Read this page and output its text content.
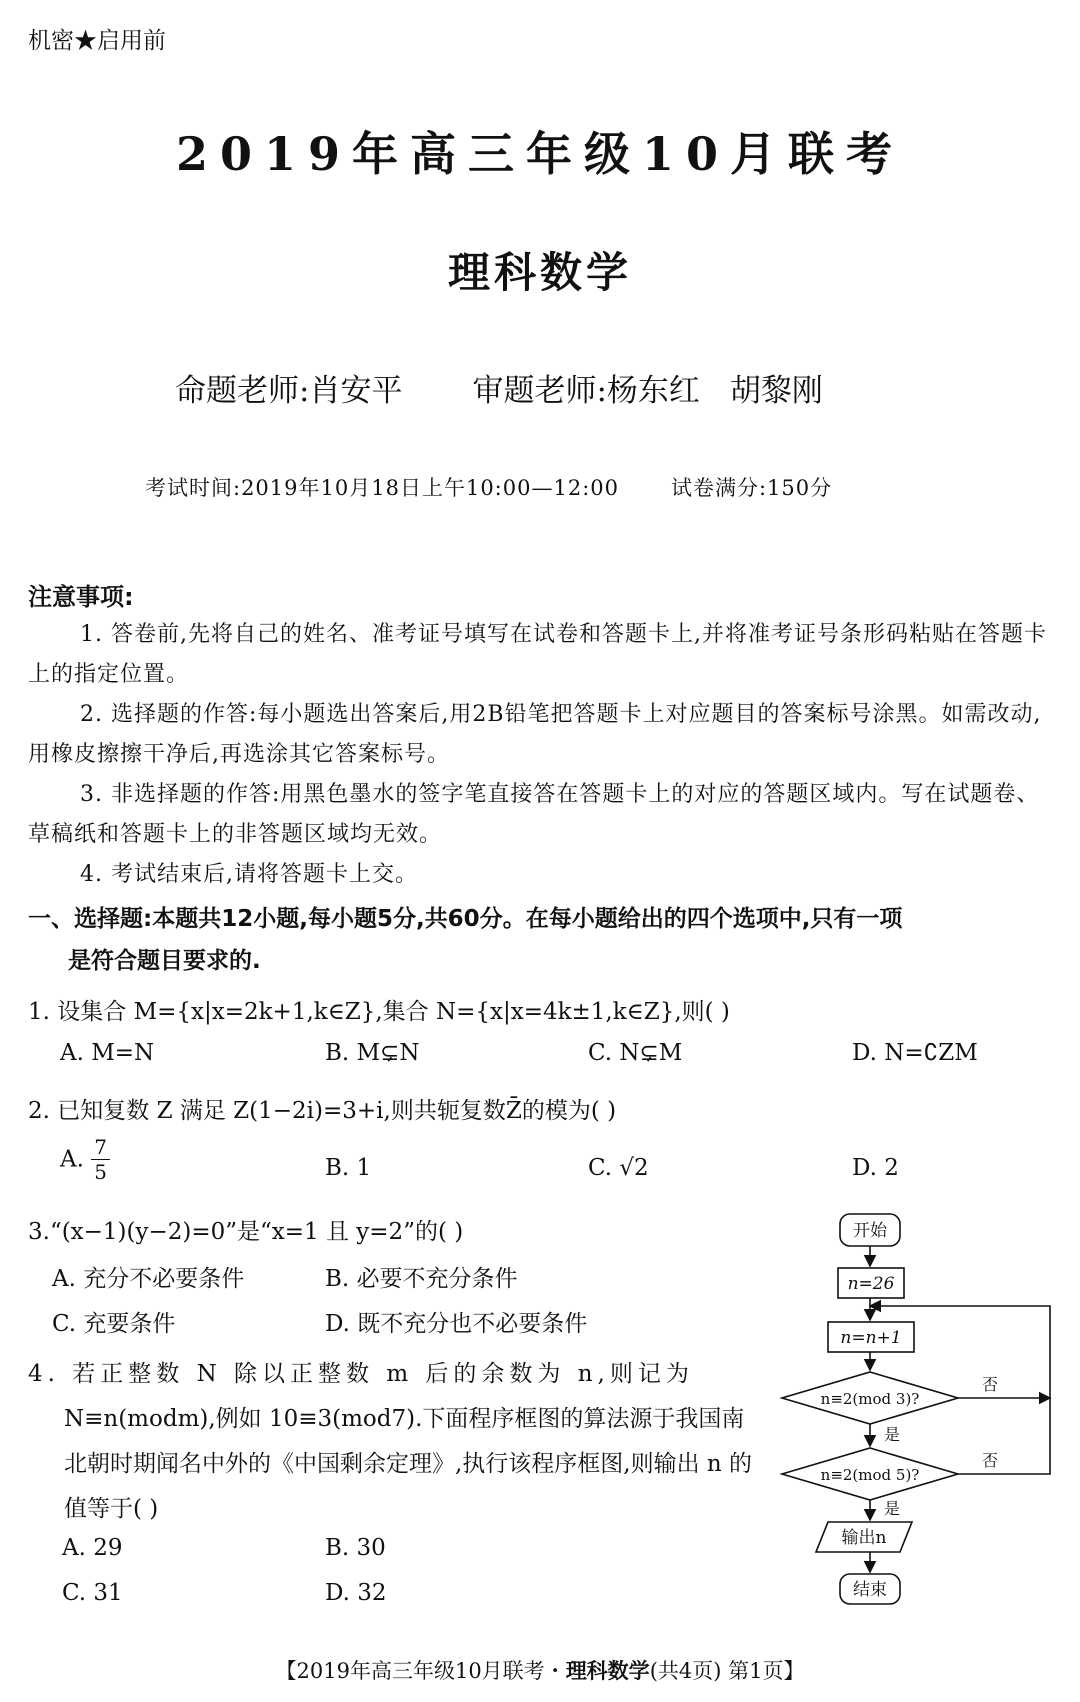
机密★启用前
2019年高三年级10月联考
理科数学
命题老师:肖安平 审题老师:杨东红 胡黎刚
考试时间:2019年10月18日上午10:00—12:00 试卷满分:150分
注意事项:
1. 答卷前,先将自己的姓名、准考证号填写在试卷和答题卡上,并将准考证号条形码粘贴在答题卡上的指定位置。
2. 选择题的作答:每小题选出答案后,用2B铅笔把答题卡上对应题目的答案标号涂黑。如需改动,用橡皮擦擦干净后,再选涂其它答案标号。
3. 非选择题的作答:用黑色墨水的签字笔直接答在答题卡上的对应的答题区域内。写在试题卷、草稿纸和答题卡上的非答题区域均无效。
4. 考试结束后,请将答题卡上交。
一、选择题:本题共12小题,每小题5分,共60分。在每小题给出的四个选项中,只有一项
是符合题目要求的.
1. 设集合 M={x|x=2k+1,k∈Z},集合 N={x|x=4k±1,k∈Z},则( )
A. M=N	B. M⊊N	C. N⊊M	D. N=∁ZM
2. 已知复数 Z 满足 Z(1−2i)=3+i,则共轭复数Z̄的模为( )
A. $\frac{7}{5}$	B. 1	C. √2	D. 2
3.“(x−1)(y−2)=0”是“x=1 且 y=2”的( )
A. 充分不必要条件	B. 必要不充分条件
C. 充要条件	D. 既不充分也不必要条件
4. 若正整数 N 除以正整数 m 后的余数为 n,则记为
N≡n(modm),例如 10≡3(mod7).下面程序框图的算法源于我国南北朝时期闻名中外的《中国剩余定理》,执行该程序框图,则输出 n 的值等于( )
A. 29	B. 30
C. 31	D. 32
开始
n=26
n=n+1
n≡2(mod 3)?
是
n≡2(mod 5)?
是
输出n
结束
否
否
【2019年高三年级10月联考・理科数学(共4页) 第1页】
